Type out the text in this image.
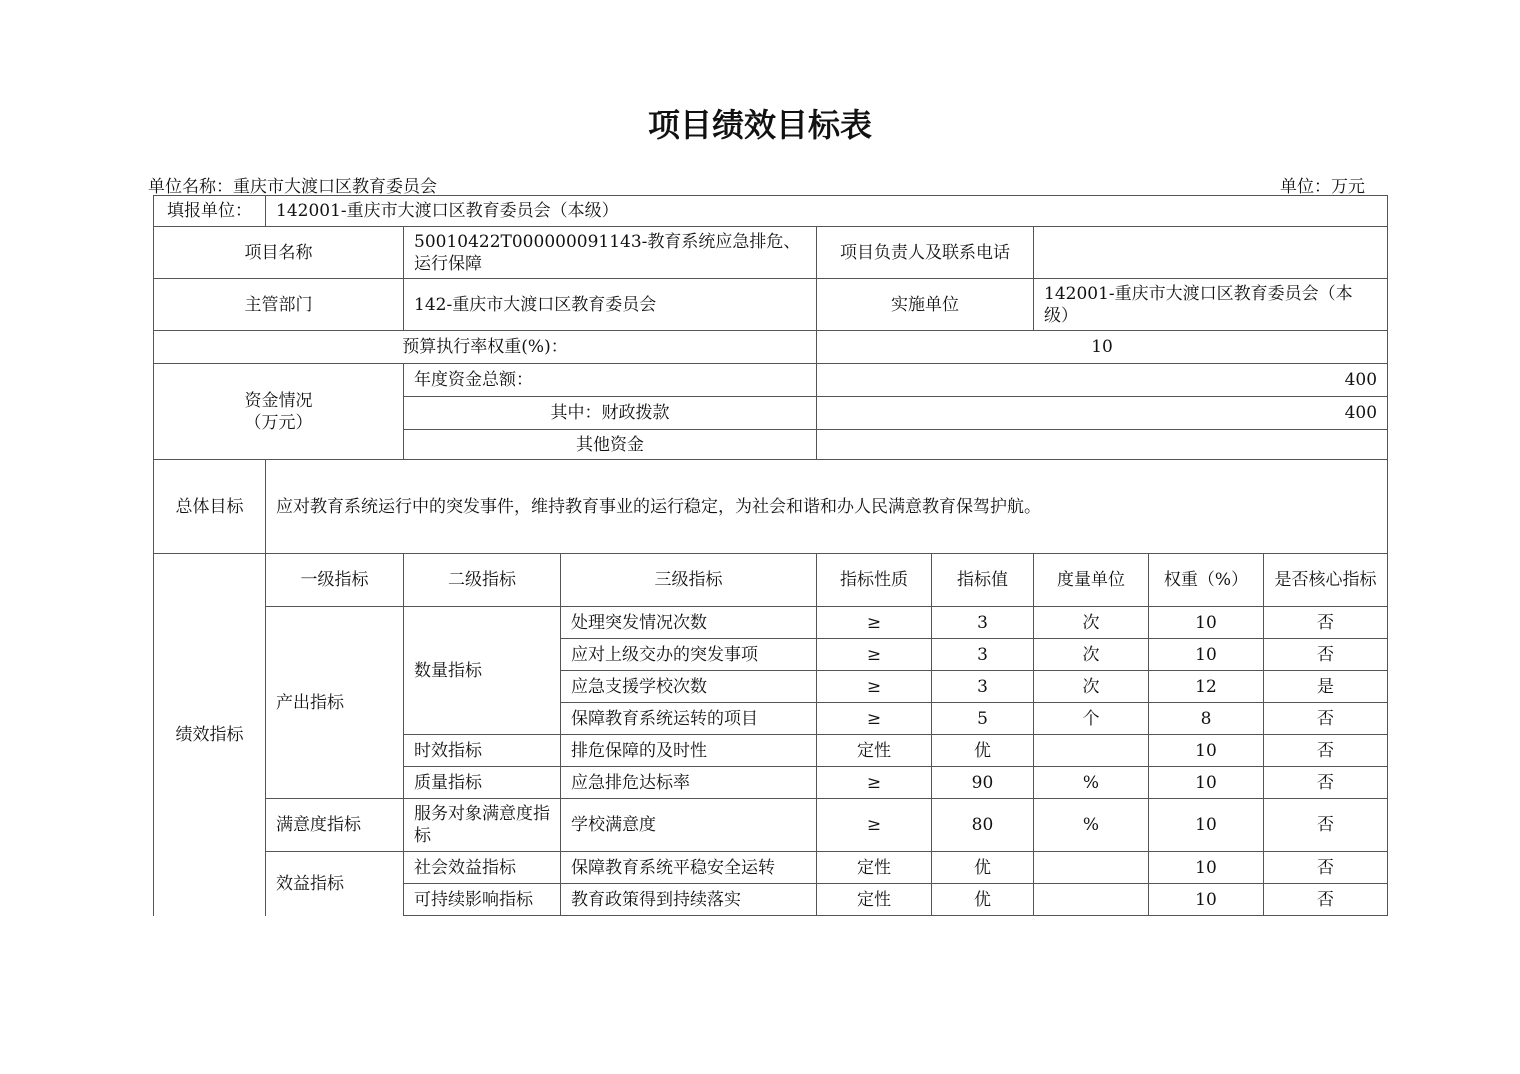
项目绩效目标表
单位名称：重庆市大渡口区教育委员会	单位：万元
填报单位：	142001-重庆市大渡口区教育委员会（本级）							
项目名称		50010422T000000091143-教育系统应急排危、运行保障		项目负责人及联系电话				
主管部门		142-重庆市大渡口区教育委员会		实施单位		142001-重庆市大渡口区教育委员会（本级）		
预算执行率权重(%)：				10				

资金情况
（万元）		年度资金总额：		400				
		其中：财政拨款		400				
		其他资金						
总体目标	应对教育系统运行中的突发事件，维持教育事业的运行稳定，为社会和谐和办人民满意教育保驾护航。							
绩效指标	一级指标	二级指标	三级指标	指标性质	指标值	度量单位	权重（%）	是否核心指标
	产出指标	数量指标	处理突发情况次数	≥	3	次	10	否
			应对上级交办的突发事项	≥	3	次	10	否
			应急支援学校次数	≥	3	次	12	是
			保障教育系统运转的项目	≥	5	个	8	否
		时效指标	排危保障的及时性	定性	优		10	否
		质量指标	应急排危达标率	≥	90	%	10	否
	满意度指标	服务对象满意度指标	学校满意度	≥	80	%	10	否
	效益指标	社会效益指标	保障教育系统平稳安全运转	定性	优		10	否
		可持续影响指标	教育政策得到持续落实	定性	优		10	否
